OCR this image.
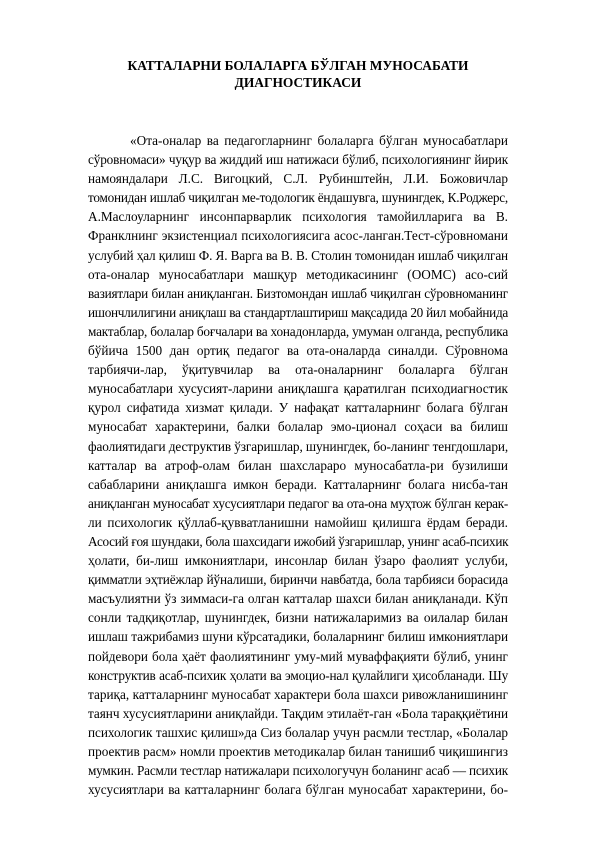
КАТТАЛАРНИ БОЛАЛАРГА БЎЛГАН МУНОСАБАТИ
ДИАГНОСТИКАСИ
«Ота-оналар ва педагогларнинг болаларга бўлган муносабатлари
сўровномаси» чуқур ва жиддий иш натижаси бўлиб, психологиянинг йирик
намояндалари Л.С. Вигоцкий, С.Л. Рубинштейн, Л.И. Божовичлар
томонидан ишлаб чиқилган ме-тодологик ёндашувга, шунингдек, К.Роджерс,
А.Маслоуларнинг инсонпарварлик психология тамойилларига ва В.
Франклнинг экзистенциал психологиясига асос-ланган.Тест-сўровномани
услубий ҳал қилиш Ф. Я. Варга ва В. В. Столин томонидан ишлаб чиқилган
ота-оналар муносабатлари машқур методикасининг (ООМС) асо-сий
вазиятлари билан аниқланган. Бизтомондан ишлаб чиқилган сўровноманинг
ишончлилигини аниқлаш ва стандартлаштириш мақсадида 20 йил мобайнида
мактаблар, болалар боғчалари ва хонадонларда, умуман олганда, республика
бўйича 1500 дан ортиқ педагог ва ота-оналарда синалди. Сўровнома
тарбиячи-лар, ўқитувчилар ва ота-оналарнинг болаларга бўлган
муносабатлари хусусият-ларини аниқлашга қаратилган психодиагностик
қурол сифатида хизмат қилади. У нафақат катталарнинг болага бўлган
муносабат характерини, балки болалар эмо-ционал соҳаси ва билиш
фаолиятидаги деструктив ўзгаришлар, шунингдек, бо-ланинг тенгдошлари,
катталар ва атроф-олам билан шахсларaро муносабатла-ри бузилиши
сабабларини аниқлашга имкон беради. Катталарнинг болага нисба-тан
аниқланган муносабат хусусиятлари педагог ва ота-она муҳтож бўлган керак-
ли психологик қўллаб-қувватланишни намойиш қилишга ёрдам беради.
Асосий ғоя шундаки, бола шахсидаги ижобий ўзгаришлар, унинг асаб-психик
ҳолати, би-лиш имкониятлари, инсонлар билан ўзаро фаолият услуби,
қимматли эҳтиёжлар йўналиши, биринчи навбатда, бола тарбияси борасида
масъулиятни ўз зиммаси-га олган катталар шахси билан аниқланади. Кўп
сонли тадқиқотлар, шунингдек, бизни натижаларимиз ва оилалар билан
ишлаш тажрибамиз шуни кўрсатадики, болаларнинг билиш имкониятлари
пойдевори бола ҳаёт фаолиятининг уму-мий муваффақияти бўлиб, унинг
конструктив асаб-психик ҳолати ва эмоцио-нал қулайлиги ҳисобланади. Шу
тариқа, катталарнинг муносабат характери бола шахси ривожланишининг
таянч хусусиятларини аниқлайди. Тақдим этилаёт-ган «Бола тараққиётини
психологик ташхис қилиш»да Сиз болалар учун расмли тестлар, «Болалар
проектив расм» номли проектив методикалар билан танишиб чиқишингиз
мумкин. Расмли тестлар натижалари психологучун боланинг асаб — психик
хусусиятлари ва катталарнинг болага бўлган муносабат характерини, бо-
